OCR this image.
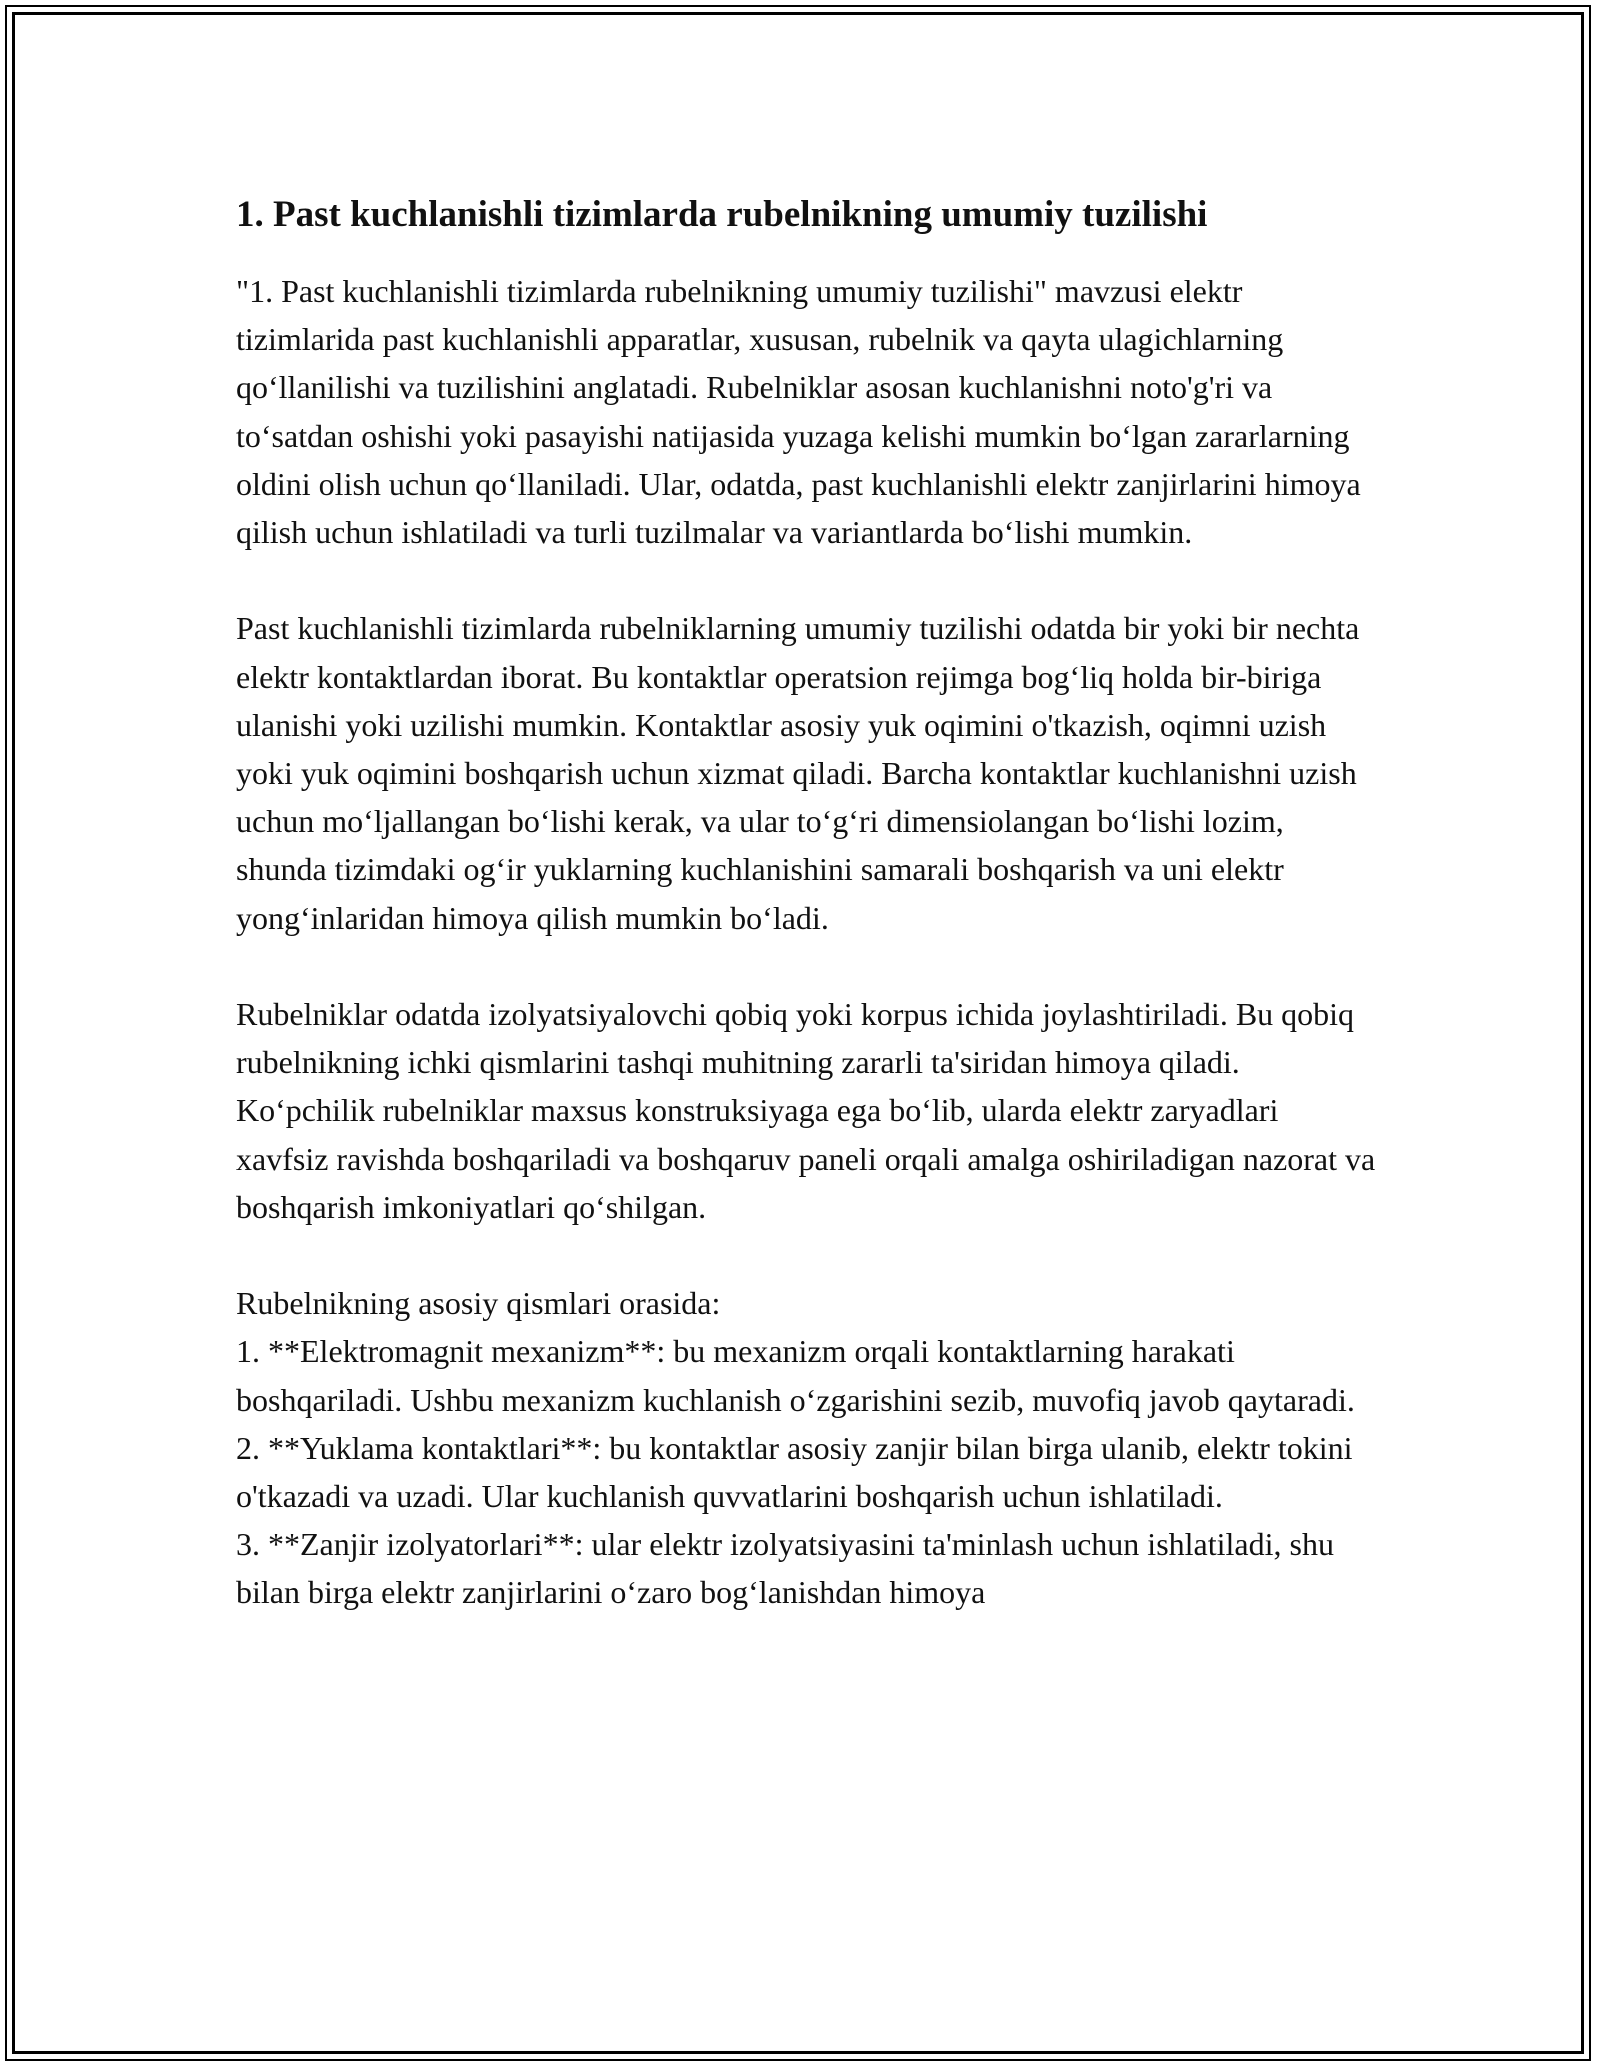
1. Past kuchlanishli tizimlarda rubelnikning umumiy tuzilishi

"1. Past kuchlanishli tizimlarda rubelnikning umumiy tuzilishi" mavzusi elektr tizimlarida past kuchlanishli apparatlar, xususan, rubelnik va qayta ulagichlarning qo‘llanilishi va tuzilishini anglatadi. Rubelniklar asosan kuchlanishni noto'g'ri va to‘satdan oshishi yoki pasayishi natijasida yuzaga kelishi mumkin bo‘lgan zararlarning oldini olish uchun qo‘llaniladi. Ular, odatda, past kuchlanishli elektr zanjirlarini himoya qilish uchun ishlatiladi va turli tuzilmalar va variantlarda bo‘lishi mumkin.

Past kuchlanishli tizimlarda rubelniklarning umumiy tuzilishi odatda bir yoki bir nechta elektr kontaktlardan iborat. Bu kontaktlar operatsion rejimga bog‘liq holda bir-biriga ulanishi yoki uzilishi mumkin. Kontaktlar asosiy yuk oqimini o'tkazish, oqimni uzish yoki yuk oqimini boshqarish uchun xizmat qiladi. Barcha kontaktlar kuchlanishni uzish uchun mo‘ljallangan bo‘lishi kerak, va ular to‘g‘ri dimensiolangan bo‘lishi lozim, shunda tizimdaki og‘ir yuklarning kuchlanishini samarali boshqarish va uni elektr yong‘inlaridan himoya qilish mumkin bo‘ladi.

Rubelniklar odatda izolyatsiyalovchi qobiq yoki korpus ichida joylashtiriladi. Bu qobiq rubelnikning ichki qismlarini tashqi muhitning zararli ta'siridan himoya qiladi. Ko‘pchilik rubelniklar maxsus konstruksiyaga ega bo‘lib, ularda elektr zaryadlari xavfsiz ravishda boshqariladi va boshqaruv paneli orqali amalga oshiriladigan nazorat va boshqarish imkoniyatlari qo‘shilgan.

Rubelnikning asosiy qismlari orasida:

1. **Elektromagnit mexanizm**: bu mexanizm orqali kontaktlarning harakati boshqariladi. Ushbu mexanizm kuchlanish o‘zgarishini sezib, muvofiq javob qaytaradi.

2. **Yuklama kontaktlari**: bu kontaktlar asosiy zanjir bilan birga ulanib, elektr tokini o'tkazadi va uzadi. Ular kuchlanish quvvatlarini boshqarish uchun ishlatiladi.

3. **Zanjir izolyatorlari**: ular elektr izolyatsiyasini ta'minlash uchun ishlatiladi, shu bilan birga elektr zanjirlarini o‘zaro bog‘lanishdan himoya
